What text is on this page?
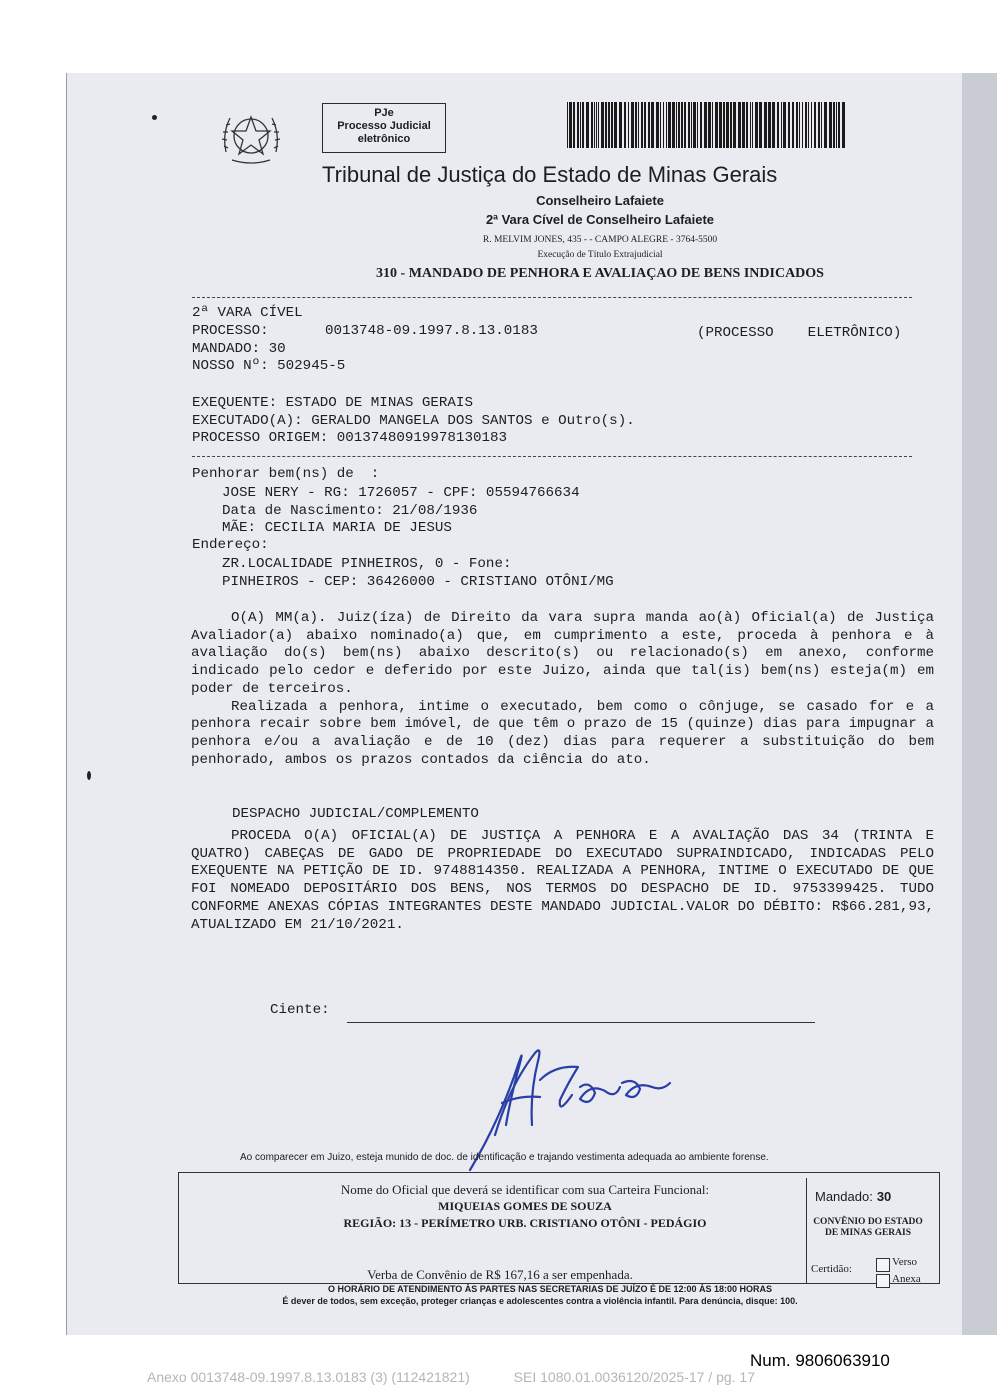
PJe
Processo Judicial
eletrônico
Tribunal de Justiça do Estado de Minas Gerais
Conselheiro Lafaiete
2ª Vara Cível de Conselheiro Lafaiete
R. MELVIM JONES, 435 - - CAMPO ALEGRE - 3764-5500
Execução de Título Extrajudicial
310 - MANDADO DE PENHORA E AVALIAÇAO DE BENS INDICADOS
2ª VARA CÍVEL
PROCESSO:	0013748-09.1997.8.13.0183	(PROCESSO    ELETRÔNICO)
MANDADO: 30
NOSSO Nº: 502945-5
EXEQUENTE: ESTADO DE MINAS GERAIS
EXECUTADO(A): GERALDO MANGELA DOS SANTOS e Outro(s).
PROCESSO ORIGEM: 00137480919978130183
Penhorar bem(ns) de  :
JOSE NERY - RG: 1726057 - CPF: 05594766634
Data de Nascimento: 21/08/1936
MÃE: CECILIA MARIA DE JESUS
Endereço:
ZR.LOCALIDADE PINHEIROS, 0 - Fone:
PINHEIROS - CEP: 36426000 - CRISTIANO OTÔNI/MG

O(A) MM(a). Juiz(íza) de Direito da vara supra manda ao(à) Oficial(a) de Justiça Avaliador(a) abaixo nominado(a) que, em cumprimento a este, proceda à penhora e à avaliação do(s) bem(ns) abaixo descrito(s) ou relacionado(s) em anexo, conforme indicado pelo cedor e deferido por este Juizo, ainda que tal(is) bem(ns) esteja(m) em poder de terceiros.

Realizada a penhora, intime o executado, bem como o cônjuge, se casado for e a penhora recair sobre bem imóvel, de que têm o prazo de 15 (quinze) dias para impugnar a penhora e/ou a avaliação e de 10 (dez) dias para requerer a substituição do bem penhorado, ambos os prazos contados da ciência do ato.

DESPACHO JUDICIAL/COMPLEMENTO

PROCEDA O(A) OFICIAL(A) DE JUSTIÇA A PENHORA E A AVALIAÇÃO DAS 34 (TRINTA E QUATRO) CABEÇAS DE GADO DE PROPRIEDADE DO EXECUTADO SUPRAINDICADO, INDICADAS PELO EXEQUENTE NA PETIÇÃO DE ID. 9748814350. REALIZADA A PENHORA, INTIME O EXECUTADO DE QUE FOI NOMEADO DEPOSITÁRIO DOS BENS, NOS TERMOS DO DESPACHO DE ID. 9753399425. TUDO CONFORME ANEXAS CÓPIAS INTEGRANTES DESTE MANDADO JUDICIAL.VALOR DO DÉBITO: R$66.281,93, ATUALIZADO EM 21/10/2021.

Ciente:
Ao comparecer em Juizo, esteja munido de doc. de identificação e trajando vestimenta adequada ao ambiente forense.
Nome do Oficial que deverá se identificar com sua Carteira Funcional:
MIQUEIAS GOMES DE SOUZA
REGIÃO: 13 - PERÍMETRO URB. CRISTIANO OTÔNI - PEDÁGIO
Verba de Convênio de R$ 167,16 a ser empenhada.
Mandado: 30
CONVÊNIO DO ESTADO
DE MINAS GERAIS
Certidão:
Verso
Anexa
O HORÁRIO DE ATENDIMENTO ÀS PARTES NAS SECRETARIAS DE JUÍZO É DE 12:00 ÀS 18:00 HORAS
É dever de todos, sem exceção, proteger crianças e adolescentes contra a violência infantil. Para denúncia, disque: 100.
Num. 9806063910
Anexo 0013748-09.1997.8.13.0183 (3) (112421821)	SEI 1080.01.0036120/2025-17 / pg. 17
